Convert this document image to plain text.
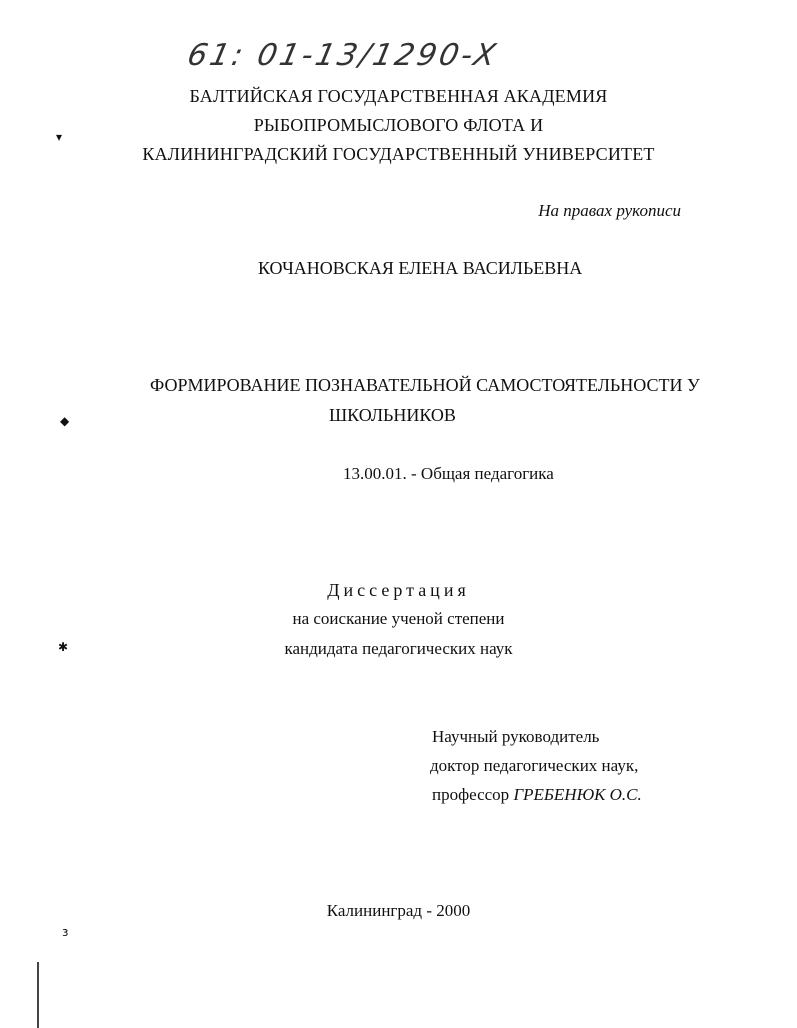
61: 01-13/1290-X
БАЛТИЙСКАЯ ГОСУДАРСТВЕННАЯ АКАДЕМИЯ
РЫБОПРОМЫСЛОВОГО ФЛОТА И
КАЛИНИНГРАДСКИЙ ГОСУДАРСТВЕННЫЙ УНИВЕРСИТЕТ
На правах рукописи
КОЧАНОВСКАЯ ЕЛЕНА ВАСИЛЬЕВНА
ФОРМИРОВАНИЕ ПОЗНАВАТЕЛЬНОЙ САМОСТОЯТЕЛЬНОСТИ У
ШКОЛЬНИКОВ
13.00.01. - Общая педагогика
Диссертация
на соискание ученой степени
кандидата педагогических наук
Научный руководитель
доктор педагогических наук,
профессор ГРЕБЕНЮК О.С.
Калининград - 2000
▾
◆
✱
ɜ
